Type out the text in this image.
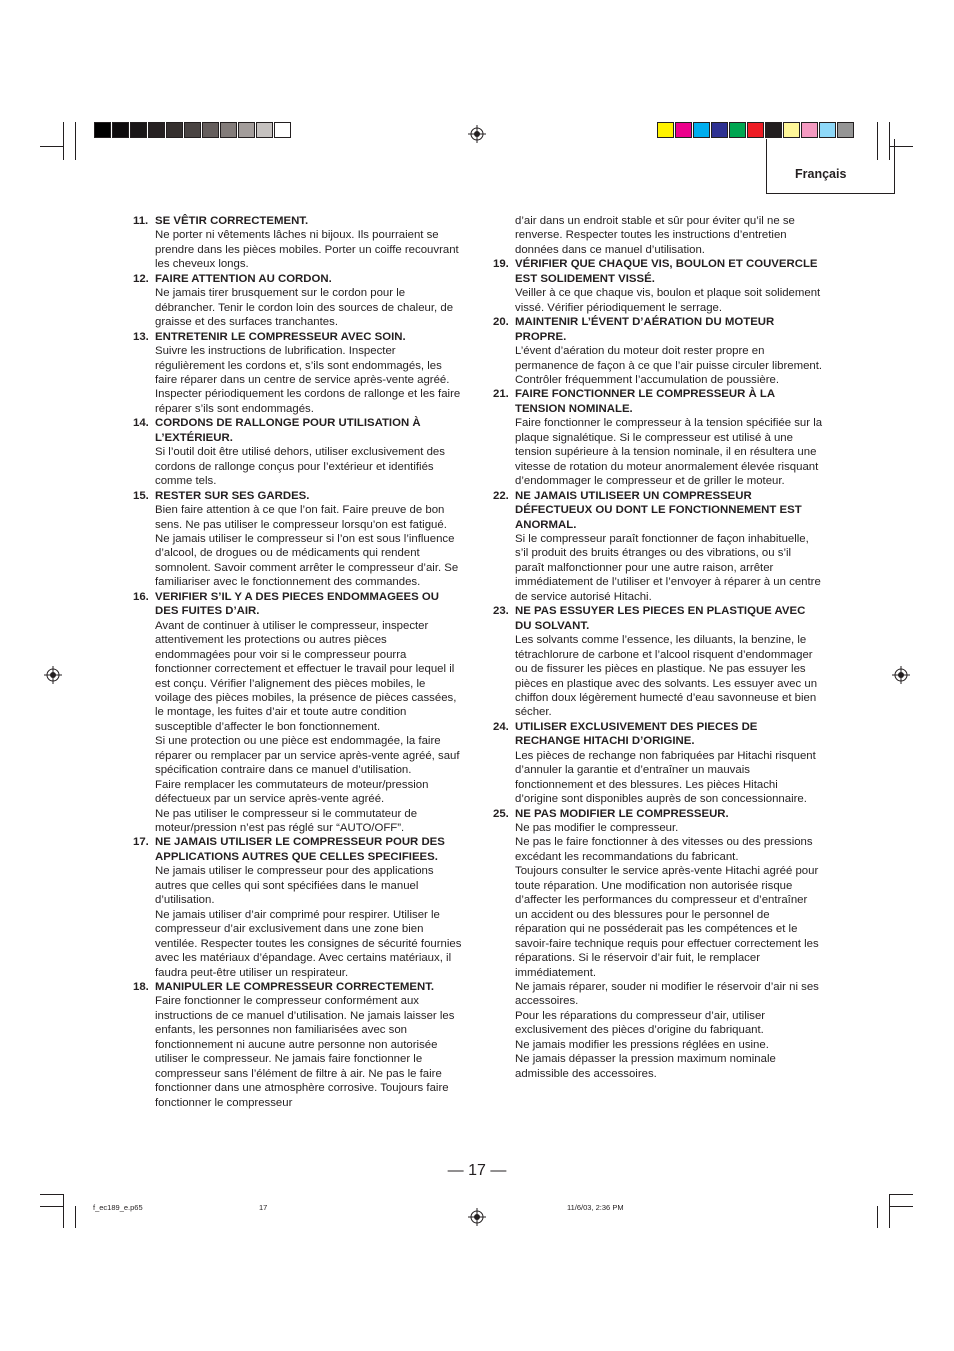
Français
11. SE VÊTIR CORRECTEMENT.
Ne porter ni vêtements lâches ni bijoux. Ils pourraient se prendre dans les pièces mobiles. Porter un coiffe recouvrant les cheveux longs.
12. FAIRE ATTENTION AU CORDON.
Ne jamais tirer brusquement sur le cordon pour le débrancher. Tenir le cordon loin des sources de chaleur, de graisse et des surfaces tranchantes.
13. ENTRETENIR LE COMPRESSEUR AVEC SOIN.
Suivre les instructions de lubrification. Inspecter régulièrement les cordons et, s’ils sont endommagés, les faire réparer dans un centre de service après-vente agréé. Inspecter périodiquement les cordons de rallonge et les faire réparer s’ils sont endommagés.
14. CORDONS DE RALLONGE POUR UTILISATION À L’EXTÉRIEUR.
Si l’outil doit être utilisé dehors, utiliser exclusivement des cordons de rallonge conçus pour l’extérieur et identifiés comme tels.
15. RESTER SUR SES GARDES.
Bien faire attention à ce que l’on fait. Faire preuve de bon sens. Ne pas utiliser le compresseur lorsqu’on est fatigué. Ne jamais utiliser le compresseur si l’on est sous l’influence d’alcool, de drogues ou de médicaments qui rendent somnolent. Savoir comment arrêter le compresseur d’air. Se familiariser avec le fonctionnement des commandes.
16. VERIFIER S’IL Y A DES PIECES ENDOMMAGEES OU DES FUITES D’AIR.
Avant de continuer à utiliser le compresseur, inspecter attentivement les protections ou autres pièces endommagées pour voir si le compresseur pourra fonctionner correctement et effectuer le travail pour lequel il est conçu. Vérifier l’alignement des pièces mobiles, le voilage des pièces mobiles, la présence de pièces cassées, le montage, les fuites d’air et toute autre condition susceptible d’affecter le bon fonctionnement.
Si une protection ou une pièce est endommagée, la faire réparer ou remplacer par un service après-vente agréé, sauf spécification contraire dans ce manuel d’utilisation.
Faire remplacer les commutateurs de moteur/pression défectueux par un service après-vente agréé.
Ne pas utiliser le compresseur si le commutateur de moteur/pression n’est pas réglé sur “AUTO/OFF”.
17. NE JAMAIS UTILISER LE COMPRESSEUR POUR DES APPLICATIONS AUTRES QUE CELLES SPECIFIEES.
Ne jamais utiliser le compresseur pour des applications autres que celles qui sont spécifiées dans le manuel d’utilisation.
Ne jamais utiliser d’air comprimé pour respirer. Utiliser le compresseur d’air exclusivement dans une zone bien ventilée. Respecter toutes les consignes de sécurité fournies avec les matériaux d’épandage. Avec certains matériaux, il faudra peut-être utiliser un respirateur.
18. MANIPULER LE COMPRESSEUR CORRECTEMENT.
Faire fonctionner le compresseur conformément aux instructions de ce manuel d’utilisation. Ne jamais laisser les enfants, les personnes non familiarisées avec son fonctionnement ni aucune autre personne non autorisée utiliser le compresseur. Ne jamais faire fonctionner le compresseur sans l’élément de filtre à air. Ne pas le faire fonctionner dans une atmosphère corrosive. Toujours faire fonctionner le compresseur
d’air dans un endroit stable et sûr pour éviter qu’il ne se renverse. Respecter toutes les instructions d’entretien données dans ce manuel d’utilisation.
19. VÉRIFIER QUE CHAQUE VIS, BOULON ET COUVERCLE EST SOLIDEMENT VISSÉ.
Veiller à ce que chaque vis, boulon et plaque soit solidement vissé. Vérifier périodiquement le serrage.
20. MAINTENIR L’ÉVENT D’AÉRATION DU MOTEUR PROPRE.
L’évent d’aération du moteur doit rester propre en permanence de façon à ce que l’air puisse circuler librement. Contrôler fréquemment l’accumulation de poussière.
21. FAIRE FONCTIONNER LE COMPRESSEUR À LA TENSION NOMINALE.
Faire fonctionner le compresseur à la tension spécifiée sur la plaque signalétique. Si le compresseur est utilisé à une tension supérieure à la tension nominale, il en résultera une vitesse de rotation du moteur anormalement élevée risquant d’endommager le compresseur et de griller le moteur.
22. NE JAMAIS UTILISEER UN COMPRESSEUR DÉFECTUEUX OU DONT LE FONCTIONNEMENT EST ANORMAL.
Si le compresseur paraît fonctionner de façon inhabituelle, s’il produit des bruits étranges ou des vibrations, ou s’il paraît malfonctionner pour une autre raison, arrêter immédiatement de l’utiliser et l’envoyer à réparer à un centre de service autorisé Hitachi.
23. NE PAS ESSUYER LES PIECES EN PLASTIQUE AVEC DU SOLVANT.
Les solvants comme l’essence, les diluants, la benzine, le tétrachlorure de carbone et l’alcool risquent d’endommager ou de fissurer les pièces en plastique. Ne pas essuyer les pièces en plastique avec des solvants. Les essuyer avec un chiffon doux légèrement humecté d’eau savonneuse et bien sécher.
24. UTILISER EXCLUSIVEMENT DES PIECES DE RECHANGE HITACHI D’ORIGINE.
Les pièces de rechange non fabriquées par Hitachi risquent d’annuler la garantie et d’entraîner un mauvais fonctionnement et des blessures. Les pièces Hitachi d’origine sont disponibles auprès de son concessionnaire.
25. NE PAS MODIFIER LE COMPRESSEUR.
Ne pas modifier le compresseur.
Ne pas le faire fonctionner à des vitesses ou des pressions excédant les recommandations du fabricant.
Toujours consulter le service après-vente Hitachi agréé pour toute réparation. Une modification non autorisée risque d’affecter les performances du compresseur et d’entraîner un accident ou des blessures pour le personnel de réparation qui ne posséderait pas les compétences et le savoir-faire technique requis pour effectuer correctement les réparations. Si le réservoir d’air fuit, le remplacer immédiatement.
Ne jamais réparer, souder ni modifier le réservoir d’air ni ses accessoires.
Pour les réparations du compresseur d’air, utiliser exclusivement des pièces d’origine du fabriquant.
Ne jamais modifier les pressions réglées en usine.
Ne jamais dépasser la pression maximum nominale admissible des accessoires.
— 17 —
f_ec189_e.p65	17	11/6/03, 2:36 PM
